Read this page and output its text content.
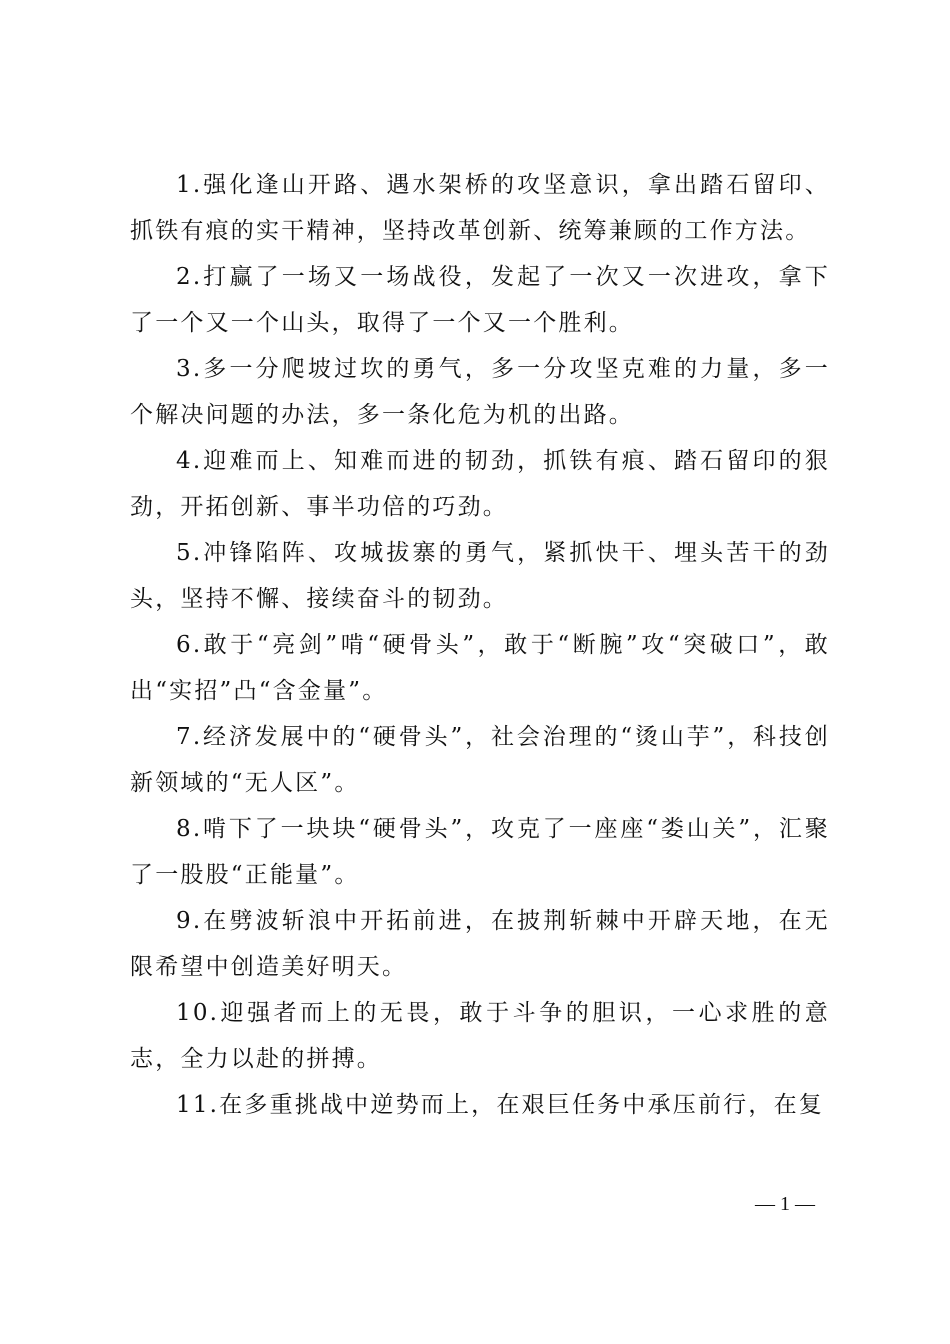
1.强化逢山开路、遇水架桥的攻坚意识，拿出踏石留印、抓铁有痕的实干精神，坚持改革创新、统筹兼顾的工作方法。

2.打赢了一场又一场战役，发起了一次又一次进攻，拿下了一个又一个山头，取得了一个又一个胜利。

3.多一分爬坡过坎的勇气，多一分攻坚克难的力量，多一个解决问题的办法，多一条化危为机的出路。

4.迎难而上、知难而进的韧劲，抓铁有痕、踏石留印的狠劲，开拓创新、事半功倍的巧劲。

5.冲锋陷阵、攻城拔寨的勇气，紧抓快干、埋头苦干的劲头，坚持不懈、接续奋斗的韧劲。

6.敢于“亮剑”啃“硬骨头”，敢于“断腕”攻“突破口”，敢出“实招”凸“含金量”。

7.经济发展中的“硬骨头”，社会治理的“烫山芋”，科技创新领域的“无人区”。

8.啃下了一块块“硬骨头”，攻克了一座座“娄山关”，汇聚了一股股“正能量”。

9.在劈波斩浪中开拓前进，在披荆斩棘中开辟天地，在无限希望中创造美好明天。

10.迎强者而上的无畏，敢于斗争的胆识，一心求胜的意志，全力以赴的拼搏。

11.在多重挑战中逆势而上，在艰巨任务中承压前行，在复

— 1 —
